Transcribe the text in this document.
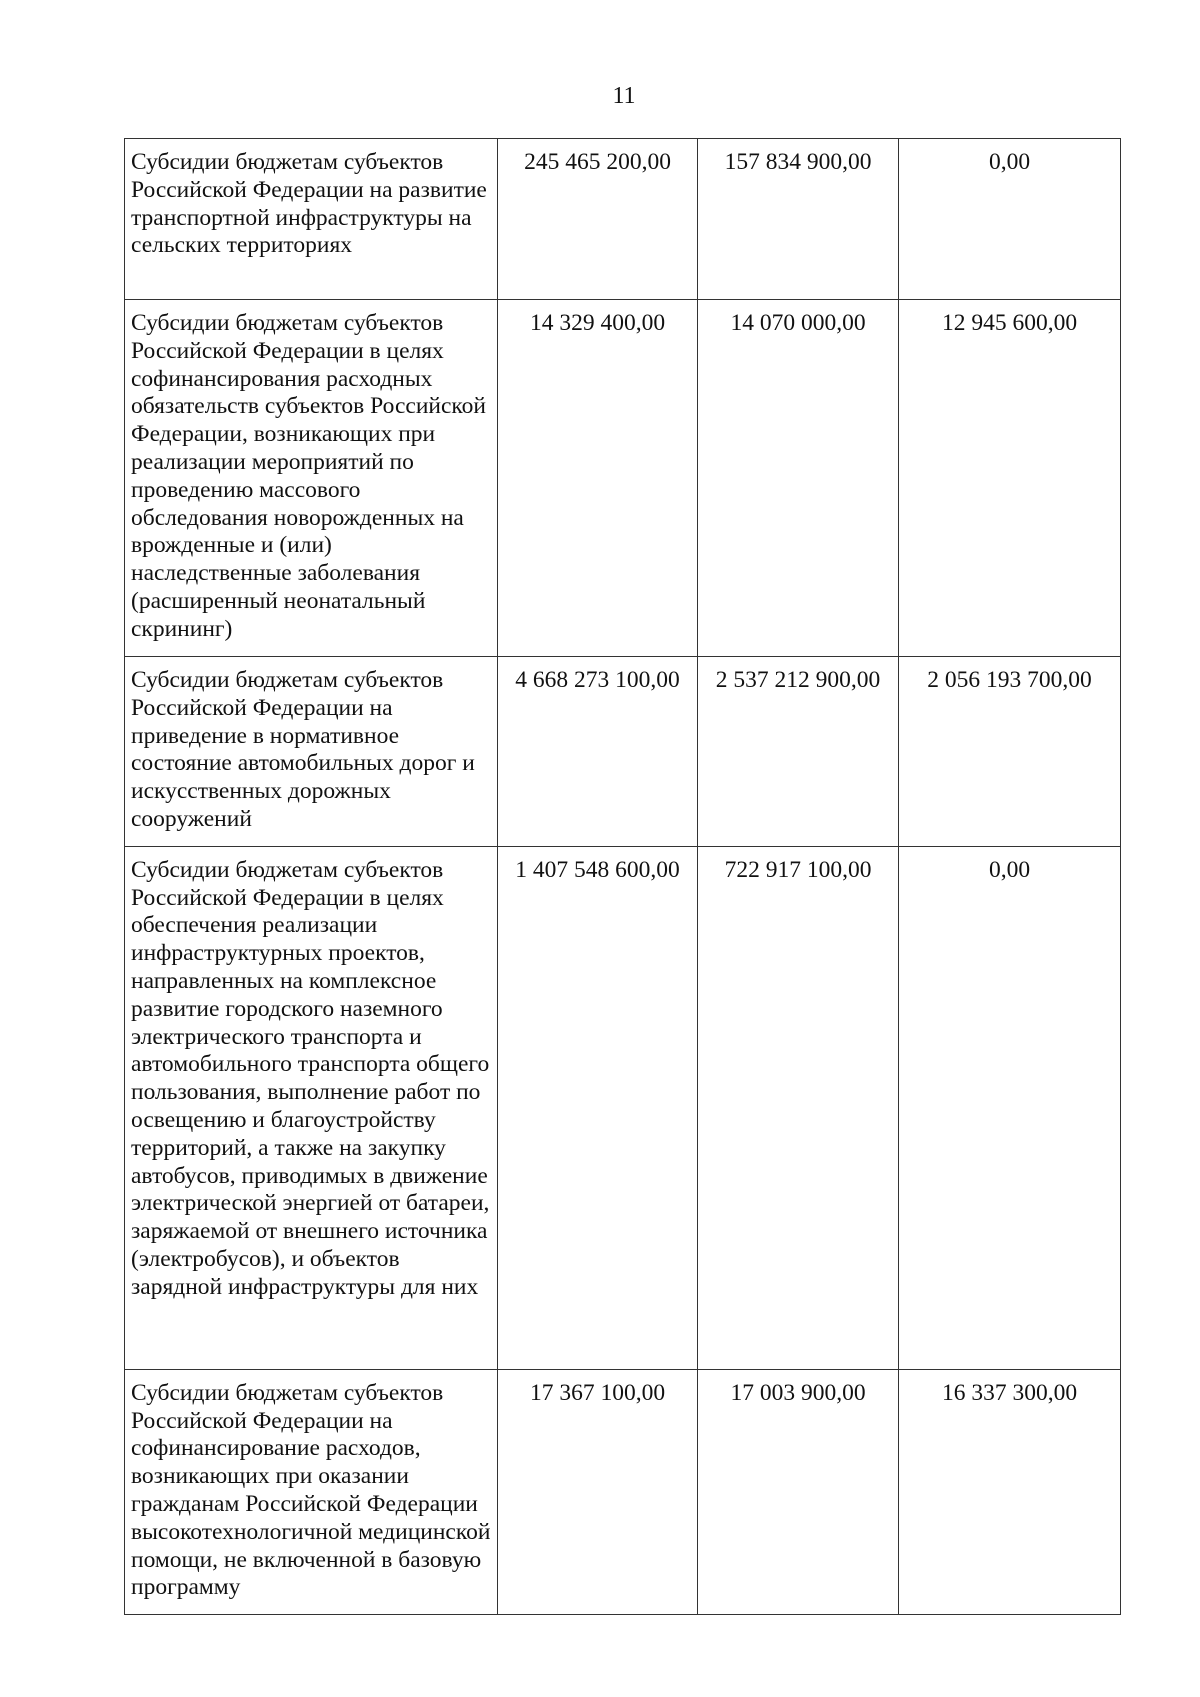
11
Субсидии бюджетам субъектов Российской Федерации на развитие транспортной инфраструктуры на сельских территориях	245 465 200,00	157 834 900,00	0,00
Субсидии бюджетам субъектов Российской Федерации в целях софинансирования расходных обязательств субъектов Российской Федерации, возникающих при реализации мероприятий по проведению массового обследования новорожденных на врожденные и (или) наследственные заболевания (расширенный неонатальный скрининг)	14 329 400,00	14 070 000,00	12 945 600,00
Субсидии бюджетам субъектов Российской Федерации на приведение в нормативное состояние автомобильных дорог и искусственных дорожных сооружений	4 668 273 100,00	2 537 212 900,00	2 056 193 700,00
Субсидии бюджетам субъектов Российской Федерации в целях обеспечения реализации инфраструктурных проектов, направленных на комплексное развитие городского наземного электрического транспорта и автомобильного транспорта общего пользования, выполнение работ по освещению и благоустройству территорий, а также на закупку автобусов, приводимых в движение электрической энергией от батареи, заряжаемой от внешнего источника (электробусов), и объектов зарядной инфраструктуры для них	1 407 548 600,00	722 917 100,00	0,00
Субсидии бюджетам субъектов Российской Федерации на софинансирование расходов, возникающих при оказании гражданам Российской Федерации высокотехнологичной медицинской помощи, не включенной в базовую программу	17 367 100,00	17 003 900,00	16 337 300,00
